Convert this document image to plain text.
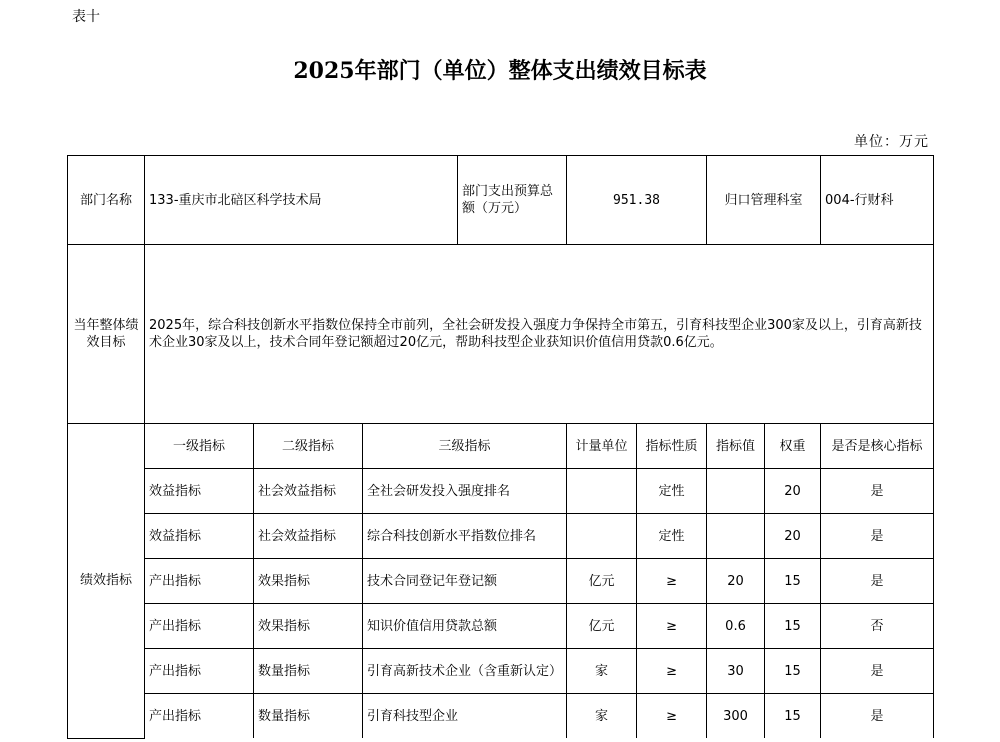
表十
2025年部门（单位）整体支出绩效目标表
单位：万元
部门名称	133-重庆市北碚区科学技术局			部门支出预算总额（万元）	951.38		归口管理科室		004-行财科
当年整体绩效目标	2025年，综合科技创新水平指数位保持全市前列，全社会研发投入强度力争保持全市第五，引育科技型企业300家及以上，引育高新技术企业30家及以上，技术合同年登记额超过20亿元，帮助科技型企业获知识价值信用贷款0.6亿元。								
绩效指标	一级指标	二级指标	三级指标		计量单位	指标性质	指标值	权重	是否是核心指标
	效益指标	社会效益指标	全社会研发投入强度排名			定性		20	是
	效益指标	社会效益指标	综合科技创新水平指数位排名			定性		20	是
	产出指标	效果指标	技术合同登记年登记额		亿元	≥	20	15	是
	产出指标	效果指标	知识价值信用贷款总额		亿元	≥	0.6	15	否
	产出指标	数量指标	引育高新技术企业（含重新认定）		家	≥	30	15	是
	产出指标	数量指标	引育科技型企业		家	≥	300	15	是
